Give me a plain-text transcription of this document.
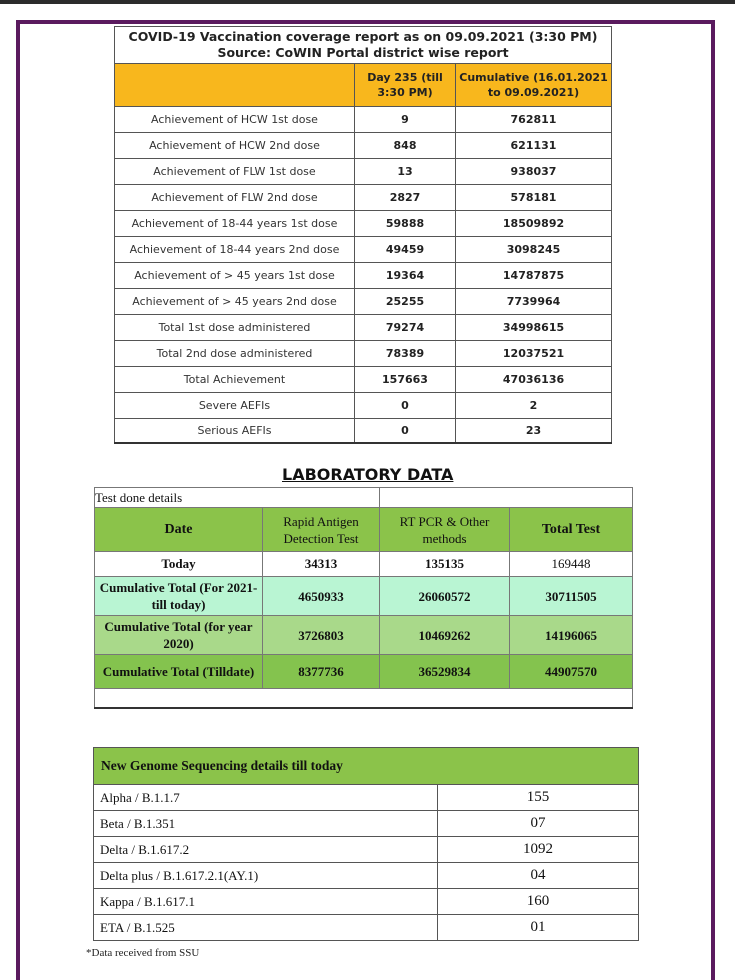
COVID-19 Vaccination coverage report as on 09.09.2021 (3:30 PM)
Source: CoWIN Portal district wise report		

	Day 235 (till 3:30 PM)	Cumulative (16.01.2021 to 09.09.2021)
Achievement of HCW 1st dose	9	762811
Achievement of HCW 2nd dose	848	621131
Achievement of FLW 1st dose	13	938037
Achievement of FLW 2nd dose	2827	578181
Achievement of 18-44 years 1st dose	59888	18509892
Achievement of 18-44 years 2nd dose	49459	3098245
Achievement of > 45 years 1st dose	19364	14787875
Achievement of > 45 years 2nd dose	25255	7739964
Total 1st dose administered	79274	34998615
Total 2nd dose administered	78389	12037521
Total Achievement	157663	47036136
Severe AEFIs	0	2
Serious AEFIs	0	23
LABORATORY DATA
Test done details			
Date	Rapid Antigen Detection Test	RT PCR & Other methods	Total Test
Today	34313	135135	169448
Cumulative Total (For 2021- till today)	4650933	26060572	30711505
Cumulative Total (for year 2020)	3726803	10469262	14196065
Cumulative Total (Tilldate)	8377736	36529834	44907570

New Genome Sequencing details till today	
Alpha / B.1.1.7	155
Beta / B.1.351	07
Delta / B.1.617.2	1092
Delta plus / B.1.617.2.1(AY.1)	04
Kappa / B.1.617.1	160
ETA / B.1.525	01
*Data received from SSU
